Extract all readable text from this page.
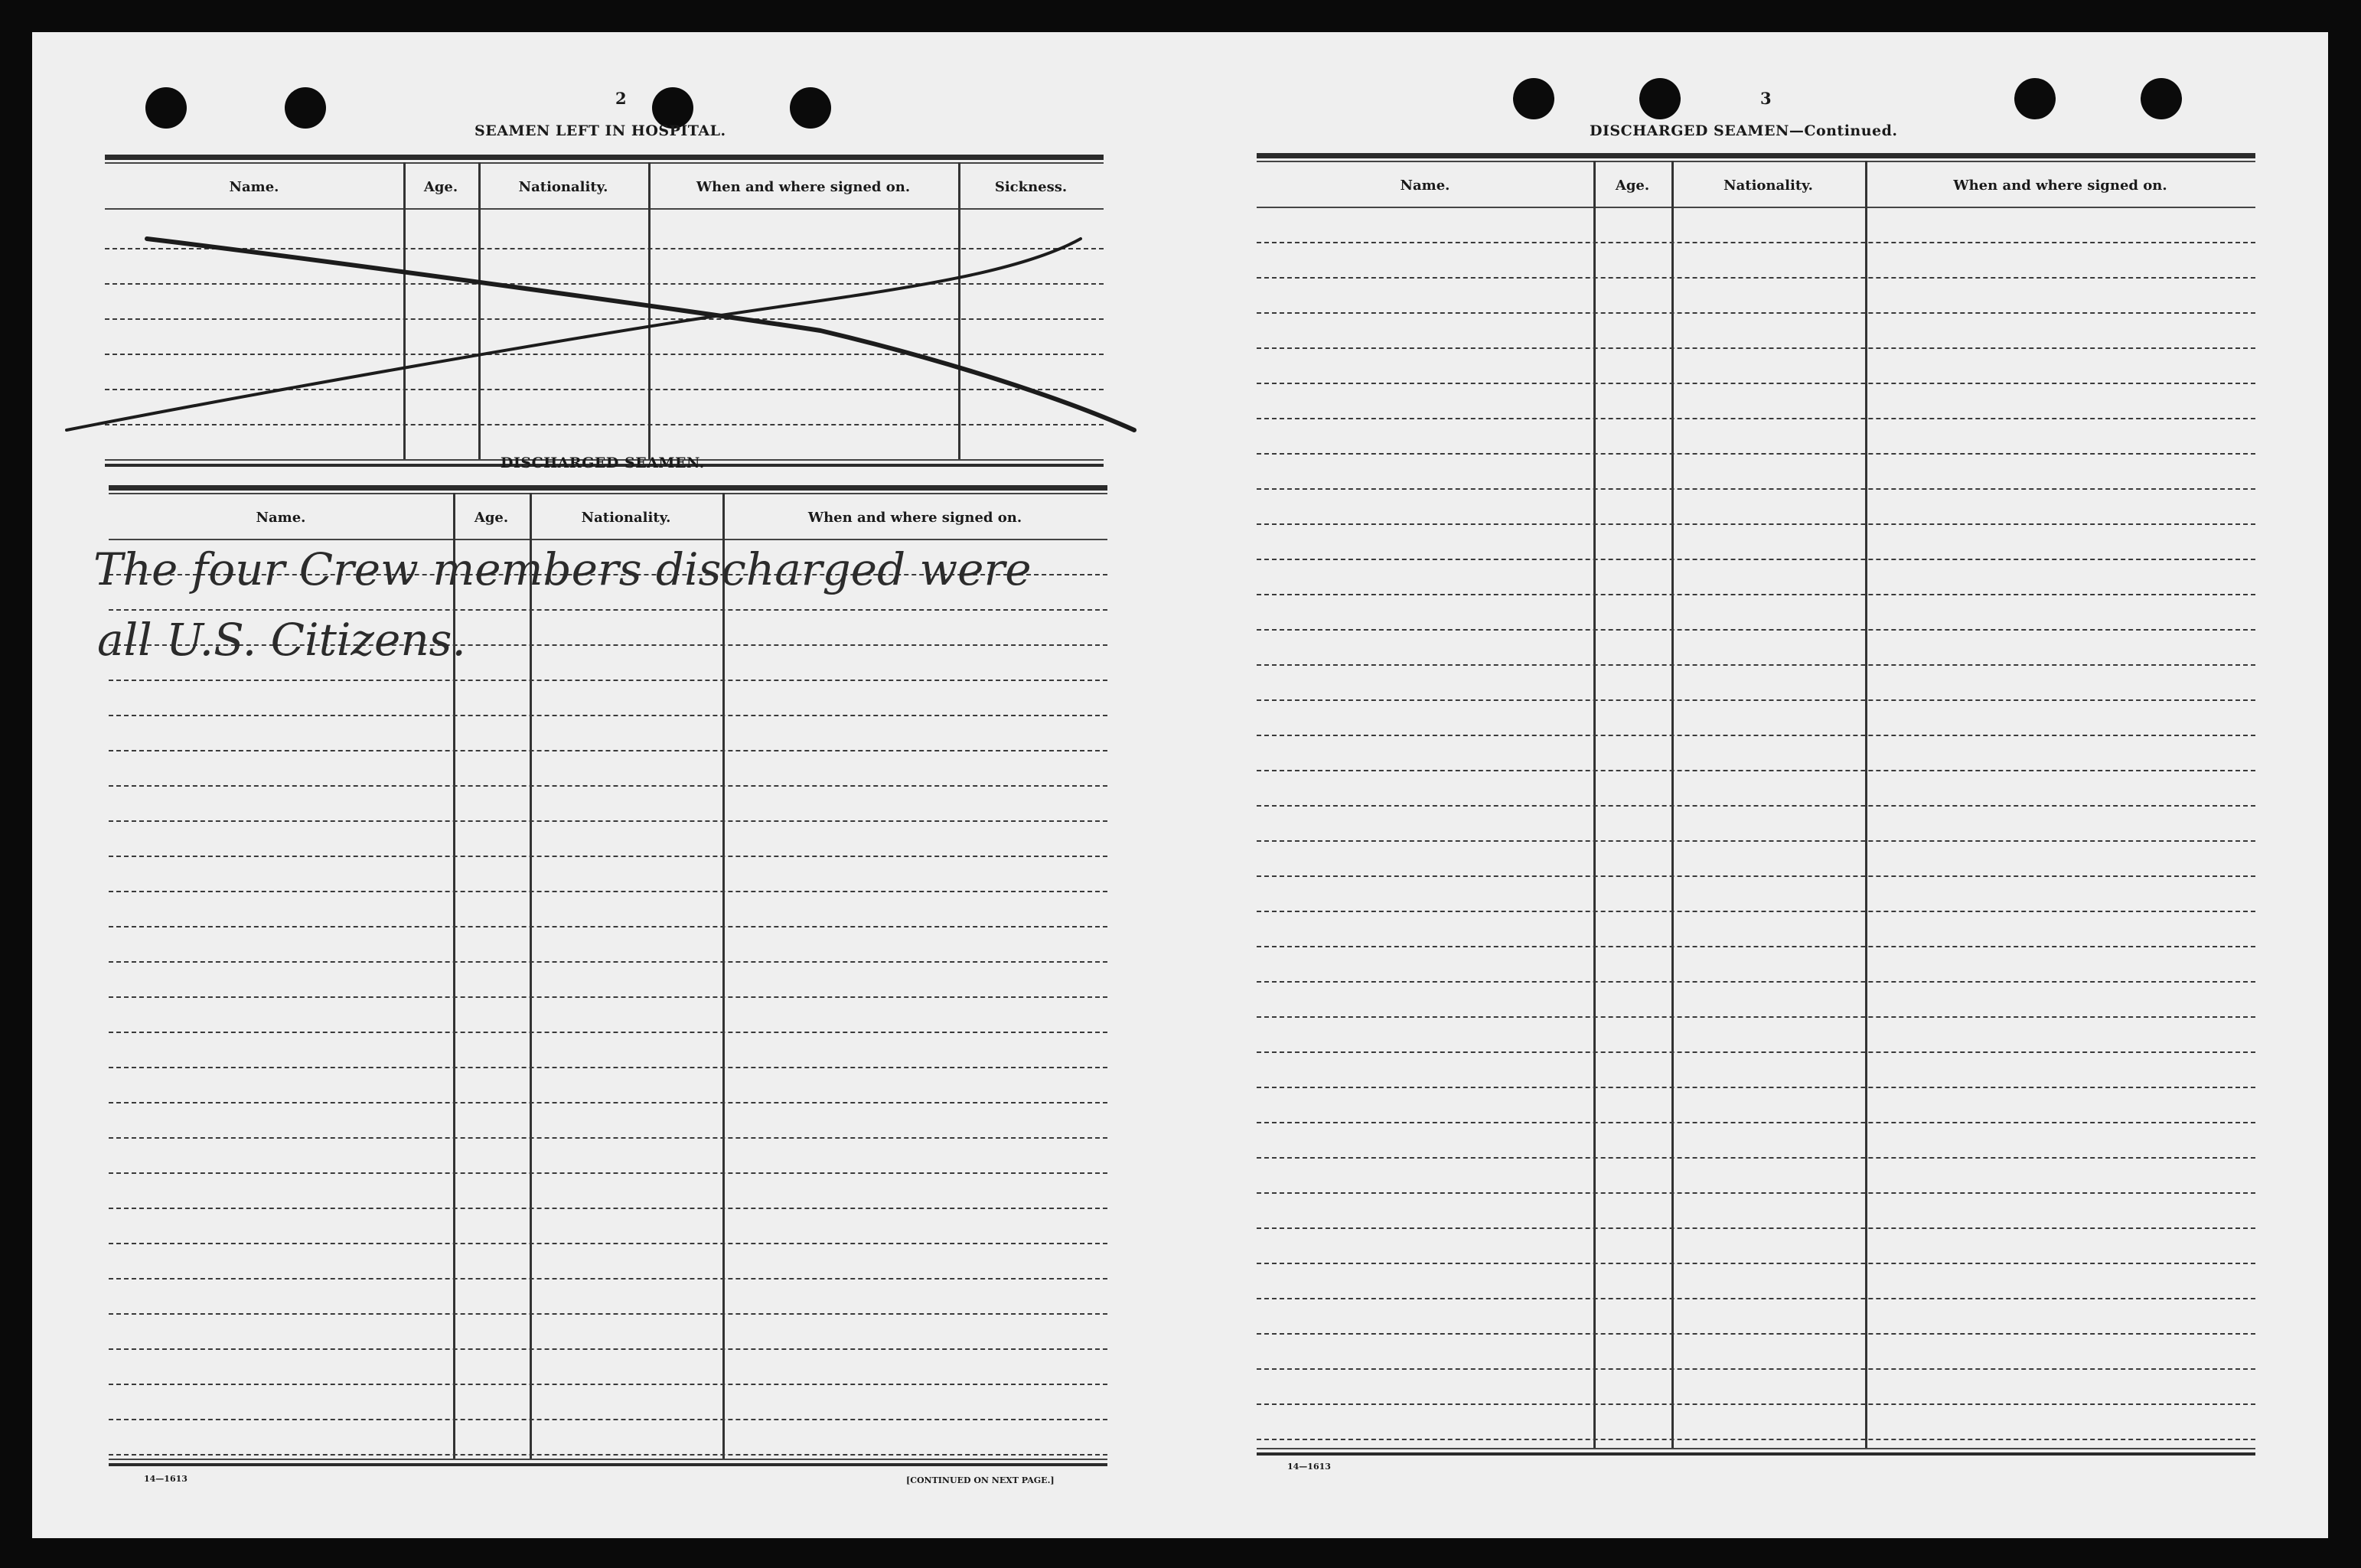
2
SEAMEN LEFT IN HOSPITAL.
Name.	Age.	Nationality.	When and where signed on.	Sickness.
DISCHARGED SEAMEN.
Name.	Age.	Nationality.	When and where signed on.
The four Crew members discharged were
all U.S. Citizens.
14—1613	[CONTINUED ON NEXT PAGE.]
3
DISCHARGED SEAMEN—Continued.
Name.	Age.	Nationality.	When and where signed on.
14—1613
